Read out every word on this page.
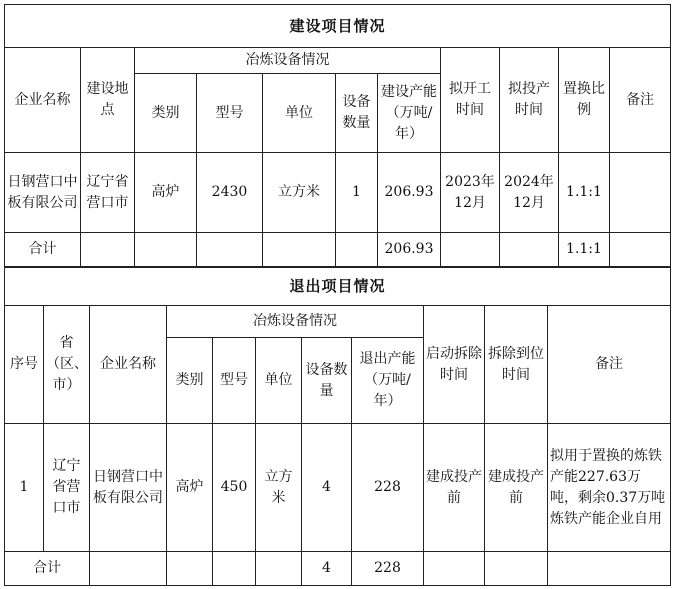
建设项目情况										
企业名称	建设地点	冶炼设备情况					拟开工时间	拟投产时间	置换比例	备注
		类别	型号	单位	设备数量	建设产能（万吨/年）				
日钢营口中板有限公司	辽宁省营口市	高炉	2430	立方米	1	206.93	2023年12月	2024年12月	1.1:1	
合计						206.93			1.1:1	
退出项目情况										
序号	省（区、市）	企业名称	冶炼设备情况					启动拆除时间	拆除到位时间	备注
			类别	型号	单位	设备数量	退出产能（万吨/年）			
1	辽宁省营口市	日钢营口中板有限公司	高炉	450	立方米	4	228	建成投产前	建成投产前	拟用于置换的炼铁产能227.63万吨，剩余0.37万吨炼铁产能企业自用
合计						4	228			
